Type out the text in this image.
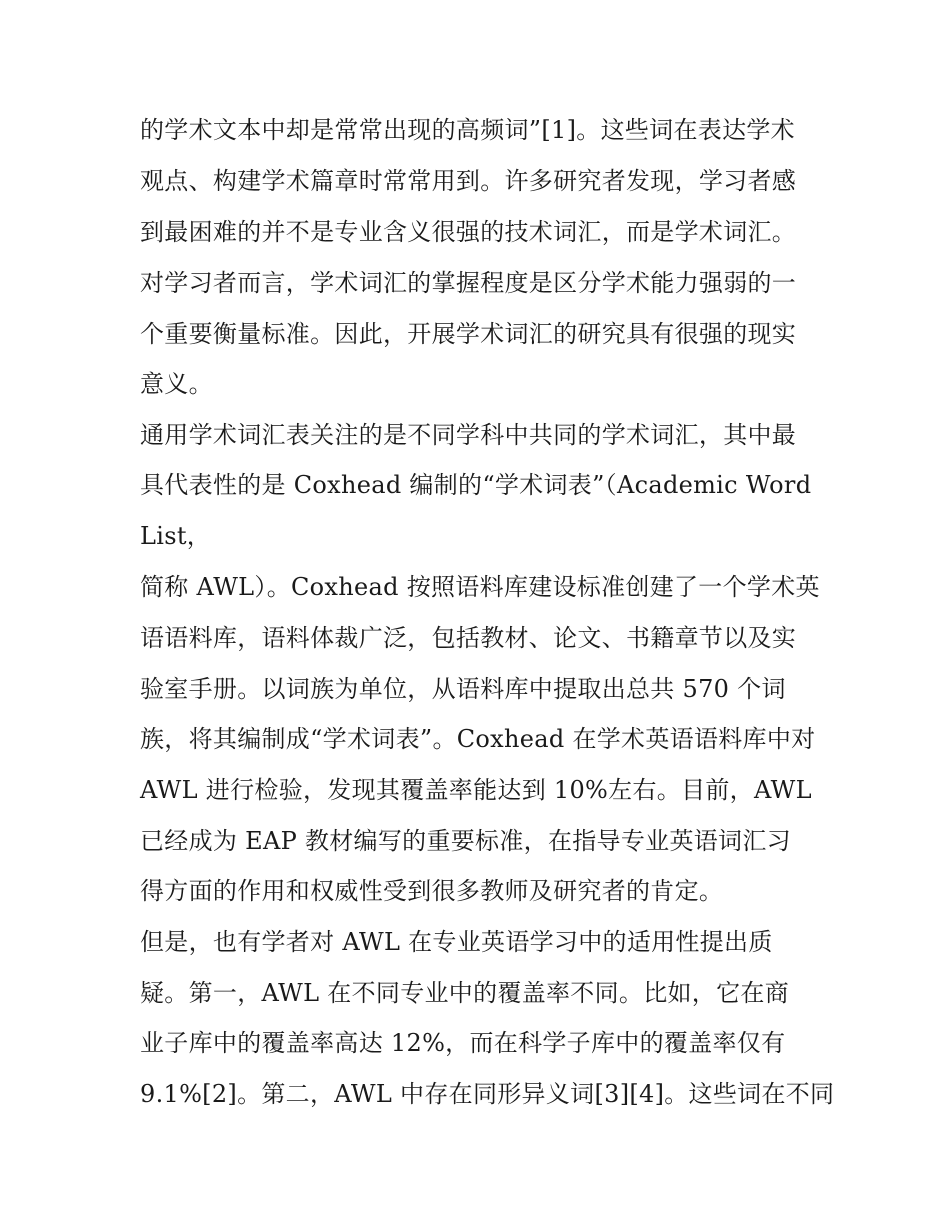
的学术文本中却是常常出现的高频词”[1]。这些词在表达学术
观点、构建学术篇章时常常用到。许多研究者发现，学习者感
到最困难的并不是专业含义很强的技术词汇，而是学术词汇。
对学习者而言，学术词汇的掌握程度是区分学术能力强弱的一
个重要衡量标准。因此，开展学术词汇的研究具有很强的现实
意义。
通用学术词汇表关注的是不同学科中共同的学术词汇，其中最
具代表性的是 Coxhead 编制的“学术词表”（Academic Word
List，
简称 AWL）。Coxhead 按照语料库建设标准创建了一个学术英
语语料库，语料体裁广泛，包括教材、论文、书籍章节以及实
验室手册。以词族为单位，从语料库中提取出总共 570 个词
族，将其编制成“学术词表”。Coxhead 在学术英语语料库中对
AWL 进行检验，发现其覆盖率能达到 10%左右。目前，AWL
已经成为 EAP 教材编写的重要标准，在指导专业英语词汇习
得方面的作用和权威性受到很多教师及研究者的肯定。
但是，也有学者对 AWL 在专业英语学习中的适用性提出质
疑。第一，AWL 在不同专业中的覆盖率不同。比如，它在商
业子库中的覆盖率高达 12%，而在科学子库中的覆盖率仅有
9.1%[2]。第二，AWL 中存在同形异义词[3][4]。这些词在不同
